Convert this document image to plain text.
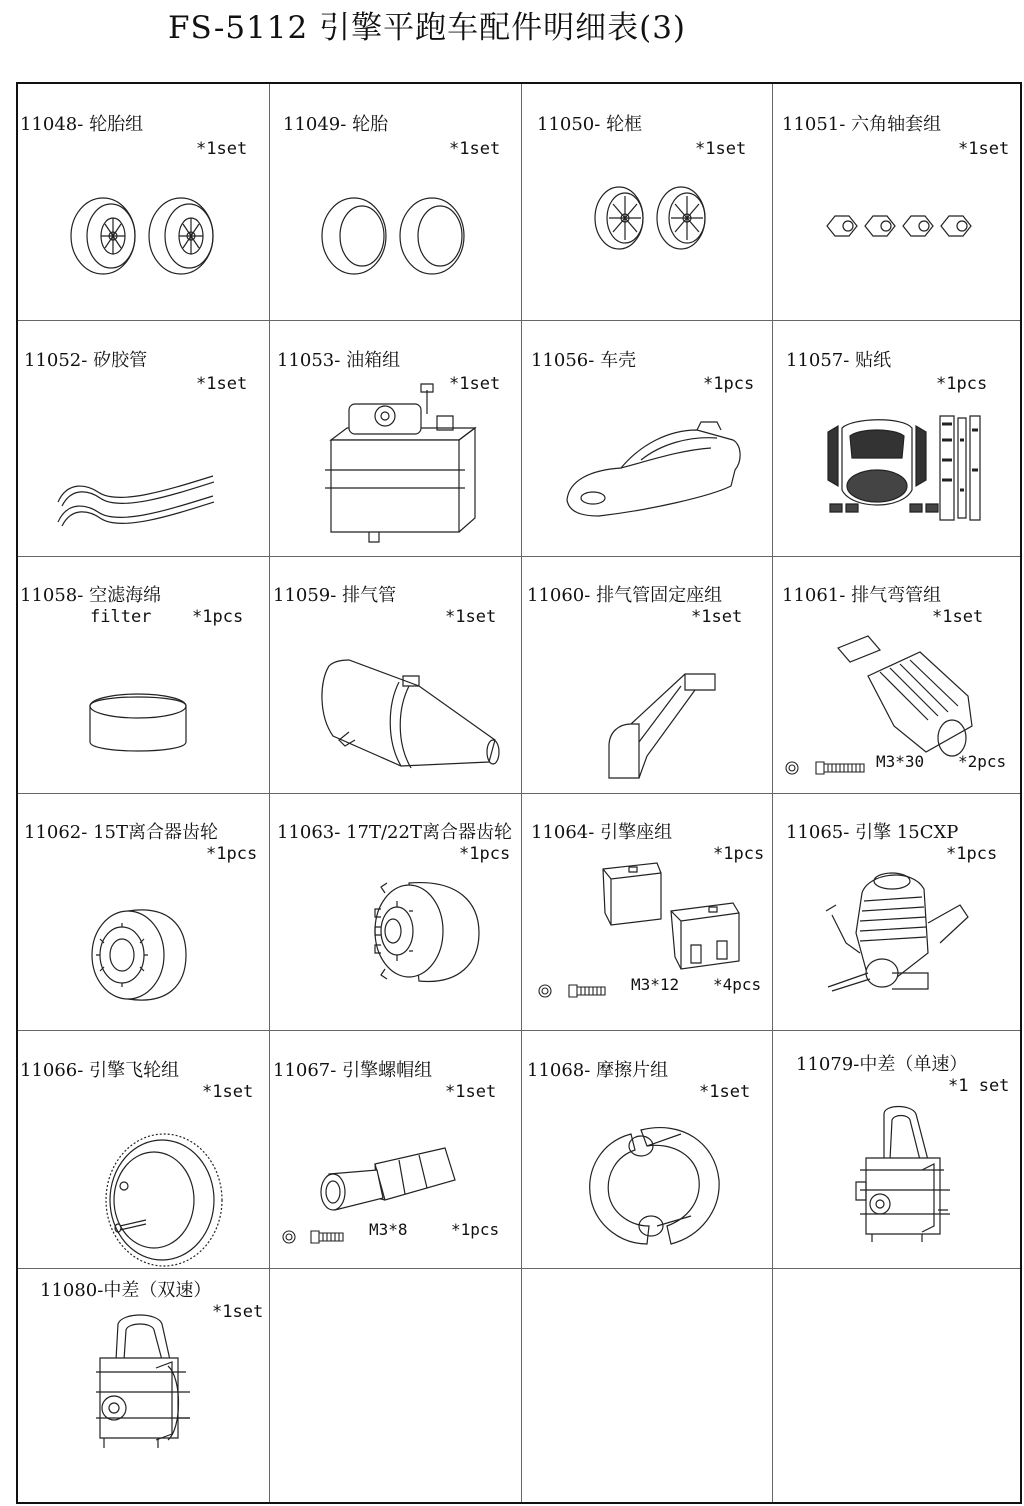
FS-5112 引擎平跑车配件明细表(3)
11048- 轮胎组
*1set
11049- 轮胎
*1set
11050- 轮框
*1set
11051- 六角轴套组
*1set
11052- 矽胶管
*1set
11053- 油箱组
*1set
11056- 车壳
*1pcs
11057- 贴纸
*1pcs
11058- 空滤海绵
filter *1pcs
11059- 排气管
*1set
11060- 排气管固定座组
*1set
11061- 排气弯管组
*1set
M3*30 *2pcs
11062- 15T离合器齿轮
*1pcs
11063- 17T/22T离合器齿轮
*1pcs
11064- 引擎座组
*1pcs
M3*12 *4pcs
11065- 引擎 15CXP
*1pcs
11066- 引擎飞轮组
*1set
11067- 引擎螺帽组
*1set
M3*8	*1pcs
11068- 摩擦片组
*1set
11079-中差（单速）
*1 set
11080-中差（双速）
*1set
